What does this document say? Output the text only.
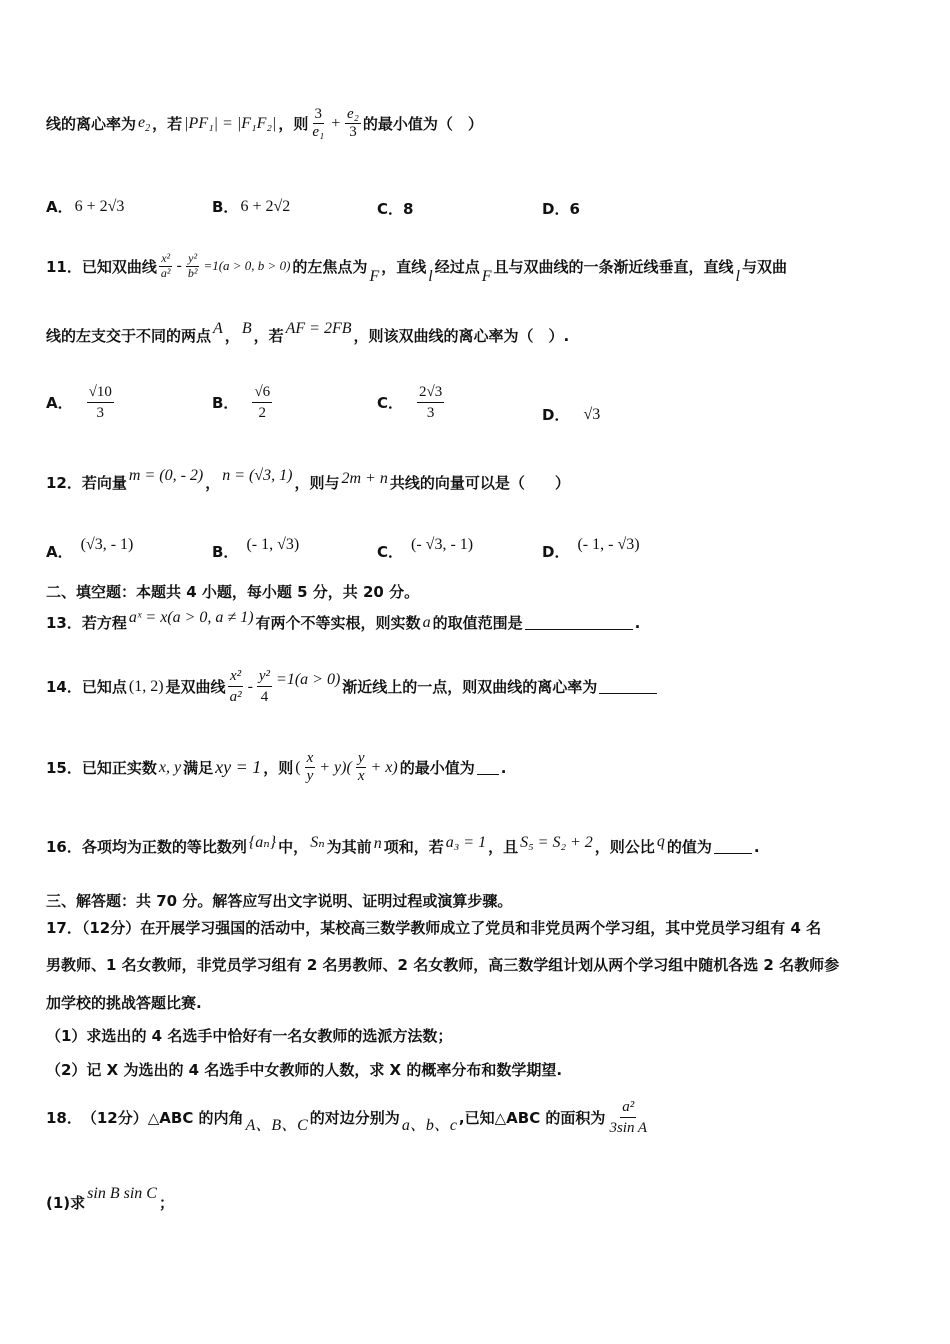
线的离心率为 $e_2$ ，若 |PF₁| = |F₁F₂| ，则 $\frac{3}{\text{e₁}} + \frac{\text{e₂}}{3}$ 的最小值为（　）
A． 6 + 2√3	B． 6 + 2√2	C． 8	D． 6
11． 已知双曲线 $\frac{\text{x²}}{\text{a²}} - \frac{\text{y²}}{\text{b²}} =1(a > 0$, b > 0) 的左焦点为
F
，直线
l
经过点
F
且与双曲线的一条渐近线垂直，直线
l
与双曲
线的左支交于不同的两点 A ， B ，若 AF = 2FB ，则该双曲线的离心率为（　）.
A． $\frac{√10}{3}$	B． $\frac{√6}{2}$	C． $\frac{2√3}{3}$	D． √3
12． 若向量 m = (0, - 2) ， n = (√3, 1) ，则与 2m + n 共线的向量可以是（　　）
A． (√3, - 1)	B． (- 1, √3)	C． (- √3, - 1)	D． (- 1, - √3)
二、填空题：本题共 4 小题，每小题 5 分，共 20 分。
13． 若方程 aˣ = x(a > 0, a ≠ 1) 有两个不等实根，则实数 a 的取值范围是	.
14． 已知点 (1, 2) 是双曲线 $\frac{\text{x²}}{\text{a²}} - \frac{\text{y²}}{4} =1(a > 0)$ 渐近线上的一点，则双曲线的离心率为
15． 已知正实数 x, y 满足 xy = 1 ，则 ( $\frac{x}{y} + y)( \frac{y}{x} + x)$ 的最小值为 .
16． 各项均为正数的等比数列 {aₙ} 中， Sₙ 为其前 n 项和，若 a₃ = 1 ，且 S₅ = S₂ + 2 ，则公比 q 的值为	.
三、解答题：共 70 分。解答应写出文字说明、证明过程或演算步骤。
17．（12分）在开展学习强国的活动中，某校高三数学教师成立了党员和非党员两个学习组，其中党员学习组有 4 名
男教师、1 名女教师，非党员学习组有 2 名男教师、2 名女教师，高三数学组计划从两个学习组中随机各选 2 名教师参
加学校的挑战答题比赛.
（1）求选出的 4 名选手中恰好有一名女教师的选派方法数；
（2）记 X 为选出的 4 名选手中女教师的人数，求 X 的概率分布和数学期望.
18． （12分）△ABC 的内角 A、B、C 的对边分别为 a、b、c ,已知△ABC 的面积为 $\frac{\text{a²}}{\text{3sin A}}$
(1)求
sin B sin C
；
